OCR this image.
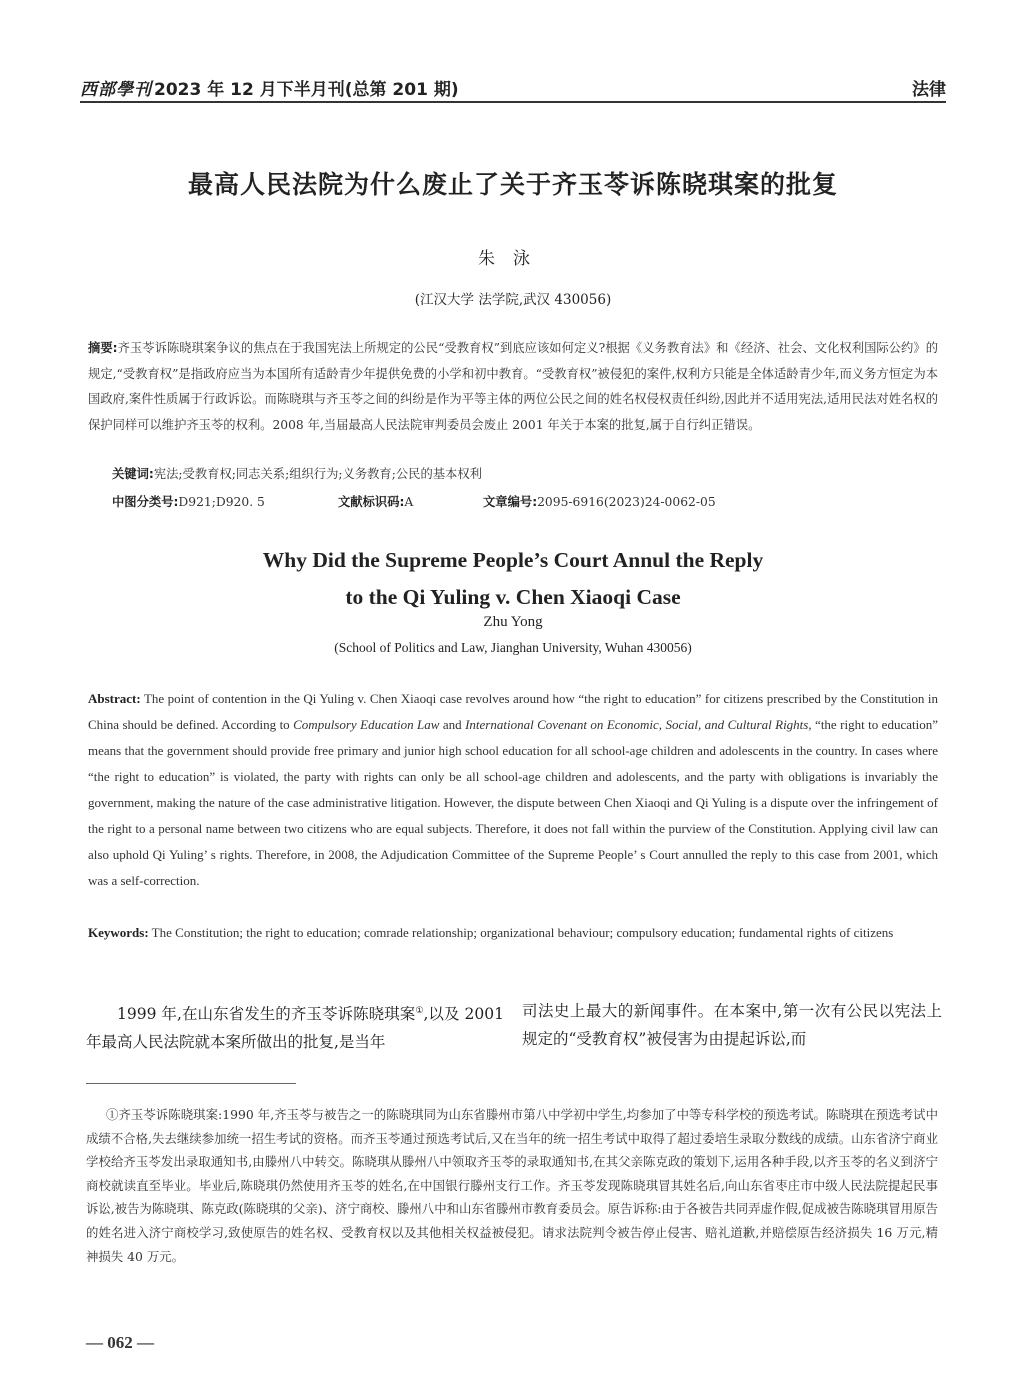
西部學刊 2023 年 12 月下半月刊(总第 201 期)	法律
最高人民法院为什么废止了关于齐玉苓诉陈晓琪案的批复
朱泳
(江汉大学 法学院,武汉 430056)
摘要:齐玉苓诉陈晓琪案争议的焦点在于我国宪法上所规定的公民“受教育权”到底应该如何定义?根据《义务教育法》和《经济、社会、文化权利国际公约》的规定,“受教育权”是指政府应当为本国所有适龄青少年提供免费的小学和初中教育。“受教育权”被侵犯的案件,权利方只能是全体适龄青少年,而义务方恒定为本国政府,案件性质属于行政诉讼。而陈晓琪与齐玉苓之间的纠纷是作为平等主体的两位公民之间的姓名权侵权责任纠纷,因此并不适用宪法,适用民法对姓名权的保护同样可以维护齐玉苓的权利。2008 年,当届最高人民法院审判委员会废止 2001 年关于本案的批复,属于自行纠正错误。
关键词:宪法;受教育权;同志关系;组织行为;义务教育;公民的基本权利
中图分类号:D921;D920. 5	文献标识码:A	文章编号:2095-6916(2023)24-0062-05
Why Did the Supreme People’s Court Annul the Reply
to the Qi Yuling v. Chen Xiaoqi Case
Zhu Yong
(School of Politics and Law, Jianghan University, Wuhan 430056)
Abstract: The point of contention in the Qi Yuling v. Chen Xiaoqi case revolves around how “the right to education” for citizens prescribed by the Constitution in China should be defined. According to Compulsory Education Law and International Covenant on Economic, Social, and Cultural Rights, “the right to education” means that the government should provide free primary and junior high school education for all school-age children and adolescents in the country. In cases where “the right to education” is violated, the party with rights can only be all school-age children and adolescents, and the party with obligations is invariably the government, making the nature of the case administrative litigation. However, the dispute between Chen Xiaoqi and Qi Yuling is a dispute over the infringement of the right to a personal name between two citizens who are equal subjects. Therefore, it does not fall within the purview of the Constitution. Applying civil law can also uphold Qi Yuling’ s rights. Therefore, in 2008, the Adjudication Committee of the Supreme People’ s Court annulled the reply to this case from 2001, which was a self-correction.
Keywords: The Constitution; the right to education; comrade relationship; organizational behaviour; compulsory education; fundamental rights of citizens
1999 年,在山东省发生的齐玉苓诉陈晓琪案①,以及 2001 年最高人民法院就本案所做出的批复,是当年
司法史上最大的新闻事件。在本案中,第一次有公民以宪法上规定的“受教育权”被侵害为由提起诉讼,而
①齐玉苓诉陈晓琪案:1990 年,齐玉苓与被告之一的陈晓琪同为山东省滕州市第八中学初中学生,均参加了中等专科学校的预选考试。陈晓琪在预选考试中成绩不合格,失去继续参加统一招生考试的资格。而齐玉苓通过预选考试后,又在当年的统一招生考试中取得了超过委培生录取分数线的成绩。山东省济宁商业学校给齐玉苓发出录取通知书,由滕州八中转交。陈晓琪从滕州八中领取齐玉苓的录取通知书,在其父亲陈克政的策划下,运用各种手段,以齐玉苓的名义到济宁商校就读直至毕业。毕业后,陈晓琪仍然使用齐玉苓的姓名,在中国银行滕州支行工作。齐玉苓发现陈晓琪冒其姓名后,向山东省枣庄市中级人民法院提起民事诉讼,被告为陈晓琪、陈克政(陈晓琪的父亲)、济宁商校、滕州八中和山东省滕州市教育委员会。原告诉称:由于各被告共同弄虚作假,促成被告陈晓琪冒用原告的姓名进入济宁商校学习,致使原告的姓名权、受教育权以及其他相关权益被侵犯。请求法院判令被告停止侵害、赔礼道歉,并赔偿原告经济损失 16 万元,精神损失 40 万元。
— 062 —
